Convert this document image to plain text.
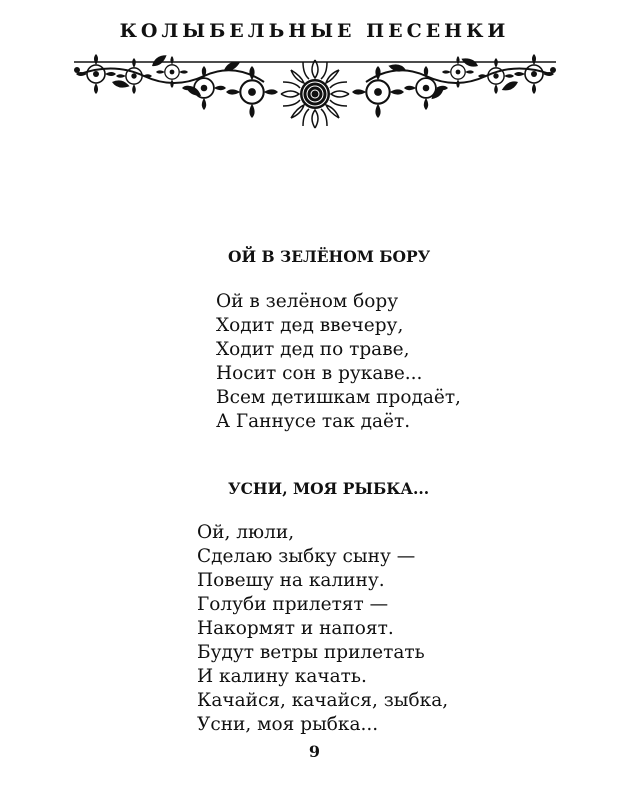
КОЛЫБЕЛЬНЫЕ ПЕСЕНКИ
ОЙ В ЗЕЛЁНОМ БОРУ
Ой в зелёном бору
Ходит дед ввечеру,
Ходит дед по траве,
Носит сон в рукаве...
Всем детишкам продаёт,
А Ганнусе так даёт.
УСНИ, МОЯ РЫБКА...
Ой, люли,
Сделаю зыбку сыну —
Повешу на калину.
Голуби прилетят —
Накормят и напоят.
Будут ветры прилетать
И калину качать.
Качайся, качайся, зыбка,
Усни, моя рыбка...
9
